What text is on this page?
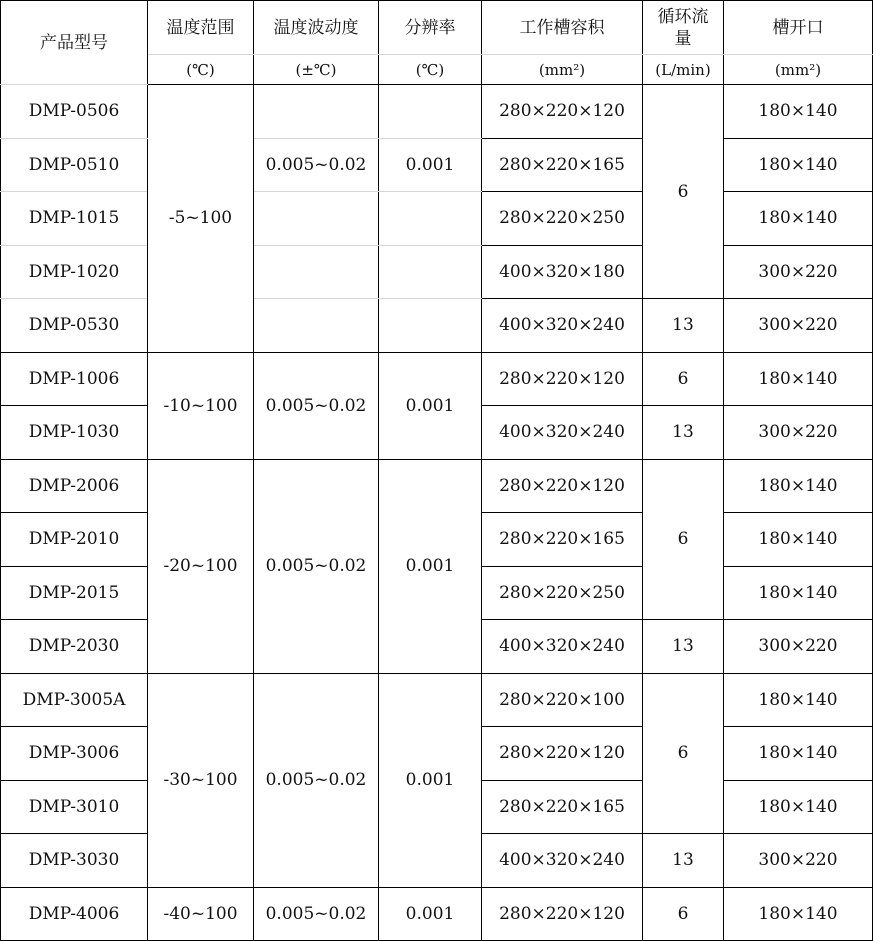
产品型号	温度范围	温度波动度	分辨率	工作槽容积	循环流量	槽开口
	(℃)	(±℃)	(℃)	(mm²)	(L/min)	(mm²)
DMP-0506	-5~100			280×220×120	6	180×140
DMP-0510		0.005~0.02	0.001	280×220×165		180×140
DMP-1015				280×220×250		180×140
DMP-1020				400×320×180		300×220
DMP-0530				400×320×240	13	300×220
DMP-1006	-10~100	0.005~0.02	0.001	280×220×120	6	180×140
DMP-1030				400×320×240	13	300×220
DMP-2006	-20~100	0.005~0.02	0.001	280×220×120	6	180×140
DMP-2010				280×220×165		180×140
DMP-2015				280×220×250		180×140
DMP-2030				400×320×240	13	300×220
DMP-3005A	-30~100	0.005~0.02	0.001	280×220×100	6	180×140
DMP-3006				280×220×120		180×140
DMP-3010				280×220×165		180×140
DMP-3030				400×320×240	13	300×220
DMP-4006	-40~100	0.005~0.02	0.001	280×220×120	6	180×140
